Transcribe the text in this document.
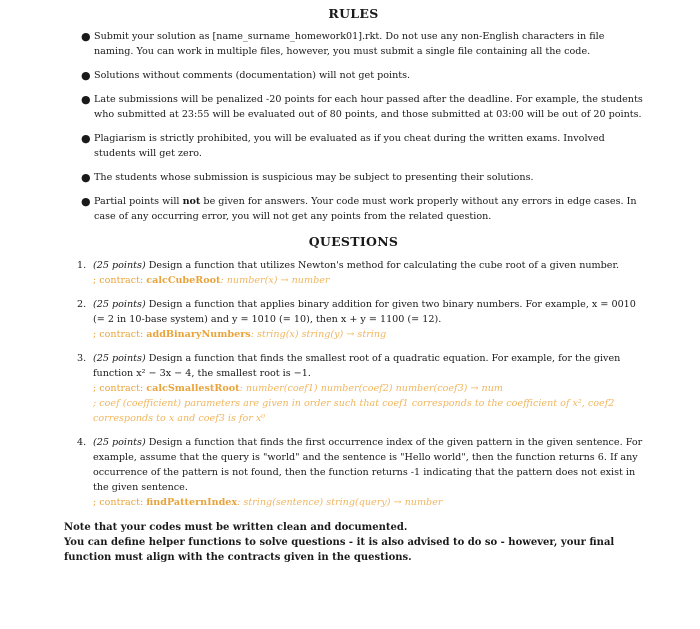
RULES

● Submit your solution as [name_surname_homework01].rkt. Do not use any non-English characters in file naming. You can work in multiple files, however, you must submit a single file containing all the code.
● Solutions without comments (documentation) will not get points.
● Late submissions will be penalized -20 points for each hour passed after the deadline. For example, the students who submitted at 23:55 will be evaluated out of 80 points, and those submitted at 03:00 will be out of 20 points.
● Plagiarism is strictly prohibited, you will be evaluated as if you cheat during the written exams. Involved students will get zero.
● The students whose submission is suspicious may be subject to presenting their solutions.
● Partial points will not be given for answers. Your code must work properly without any errors in edge cases. In case of any occurring error, you will not get any points from the related question.

QUESTIONS

1. (25 points) Design a function that utilizes Newton's method for calculating the cube root of a given number.
; contract: calcCubeRoot: number(x) → number
2. (25 points) Design a function that applies binary addition for given two binary numbers. For example, x = 0010 (= 2 in 10-base system) and y = 1010 (= 10), then x + y = 1100 (= 12).
; contract: addBinaryNumbers: string(x) string(y) → string
3. (25 points) Design a function that finds the smallest root of a quadratic equation. For example, for the given function x² − 3x − 4, the smallest root is −1.
; contract: calcSmallestRoot: number(coef1) number(coef2) number(coef3) → num
; coef (coefficient) parameters are given in order such that coef1 corresponds to the coefficient of x², coef2 corresponds to x and coef3 is for x⁰
4. (25 points) Design a function that finds the first occurrence index of the given pattern in the given sentence. For example, assume that the query is "world" and the sentence is "Hello world", then the function returns 6. If any occurrence of the pattern is not found, then the function returns -1 indicating that the pattern does not exist in the given sentence.
; contract: findPatternIndex: string(sentence) string(query) → number
Note that your codes must be written clean and documented.
You can define helper functions to solve questions - it is also advised to do so - however, your final function must align with the contracts given in the questions.
